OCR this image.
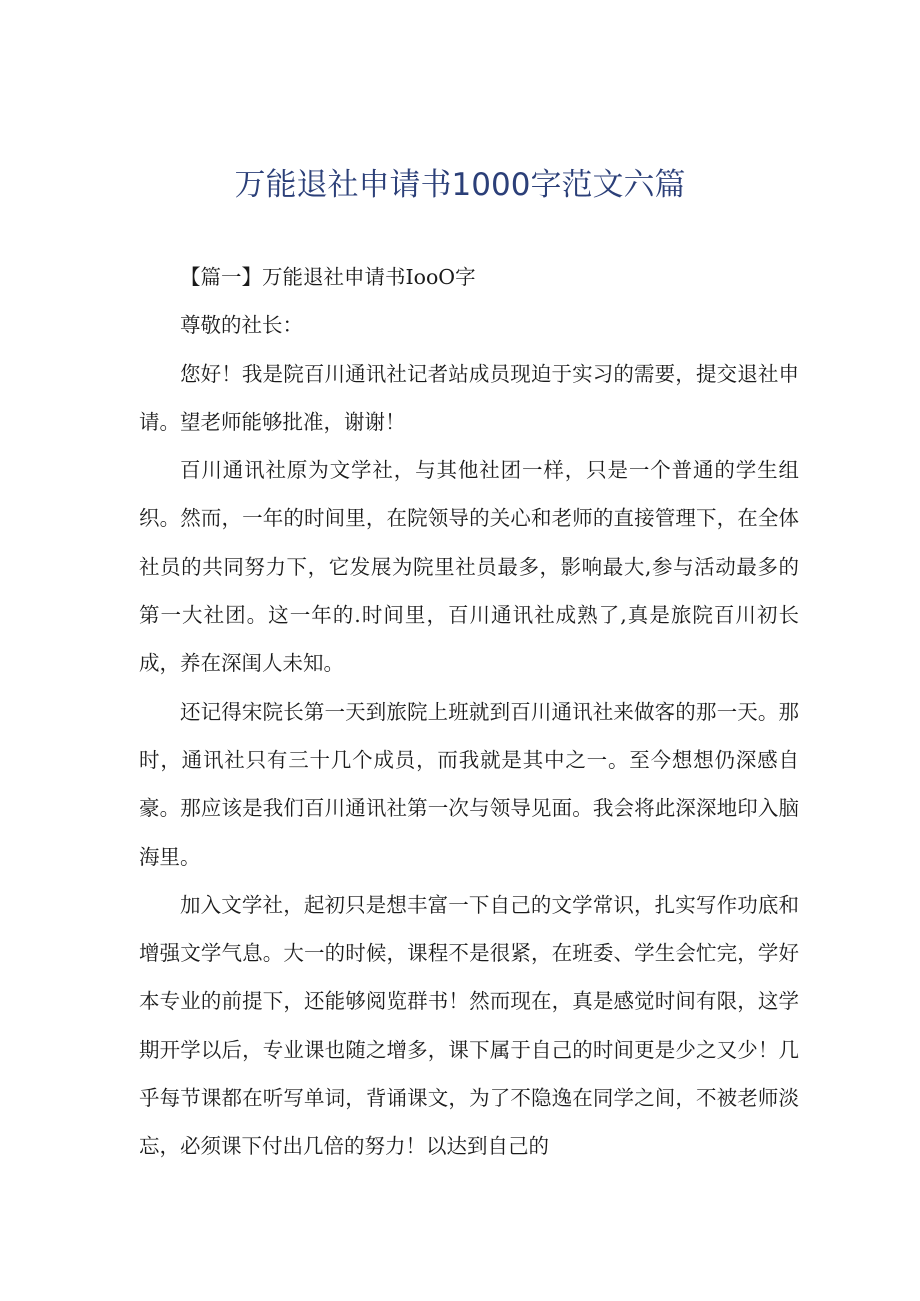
万能退社申请书1000字范文六篇

【篇一】万能退社申请书IooO字

尊敬的社长：

您好！我是院百川通讯社记者站成员现迫于实习的需要，提交退社申请。望老师能够批准，谢谢！

百川通讯社原为文学社，与其他社团一样，只是一个普通的学生组织。然而，一年的时间里，在院领导的关心和老师的直接管理下，在全体社员的共同努力下，它发展为院里社员最多，影响最大,参与活动最多的第一大社团。这一年的.时间里，百川通讯社成熟了,真是旅院百川初长成，养在深闺人未知。

还记得宋院长第一天到旅院上班就到百川通讯社来做客的那一天。那时，通讯社只有三十几个成员，而我就是其中之一。至今想想仍深感自豪。那应该是我们百川通讯社第一次与领导见面。我会将此深深地印入脑海里。

加入文学社，起初只是想丰富一下自己的文学常识，扎实写作功底和增强文学气息。大一的时候，课程不是很紧，在班委、学生会忙完，学好本专业的前提下，还能够阅览群书！然而现在，真是感觉时间有限，这学期开学以后，专业课也随之增多，课下属于自己的时间更是少之又少！几乎每节课都在听写单词，背诵课文，为了不隐逸在同学之间，不被老师淡忘，必须课下付出几倍的努力！以达到自己的
